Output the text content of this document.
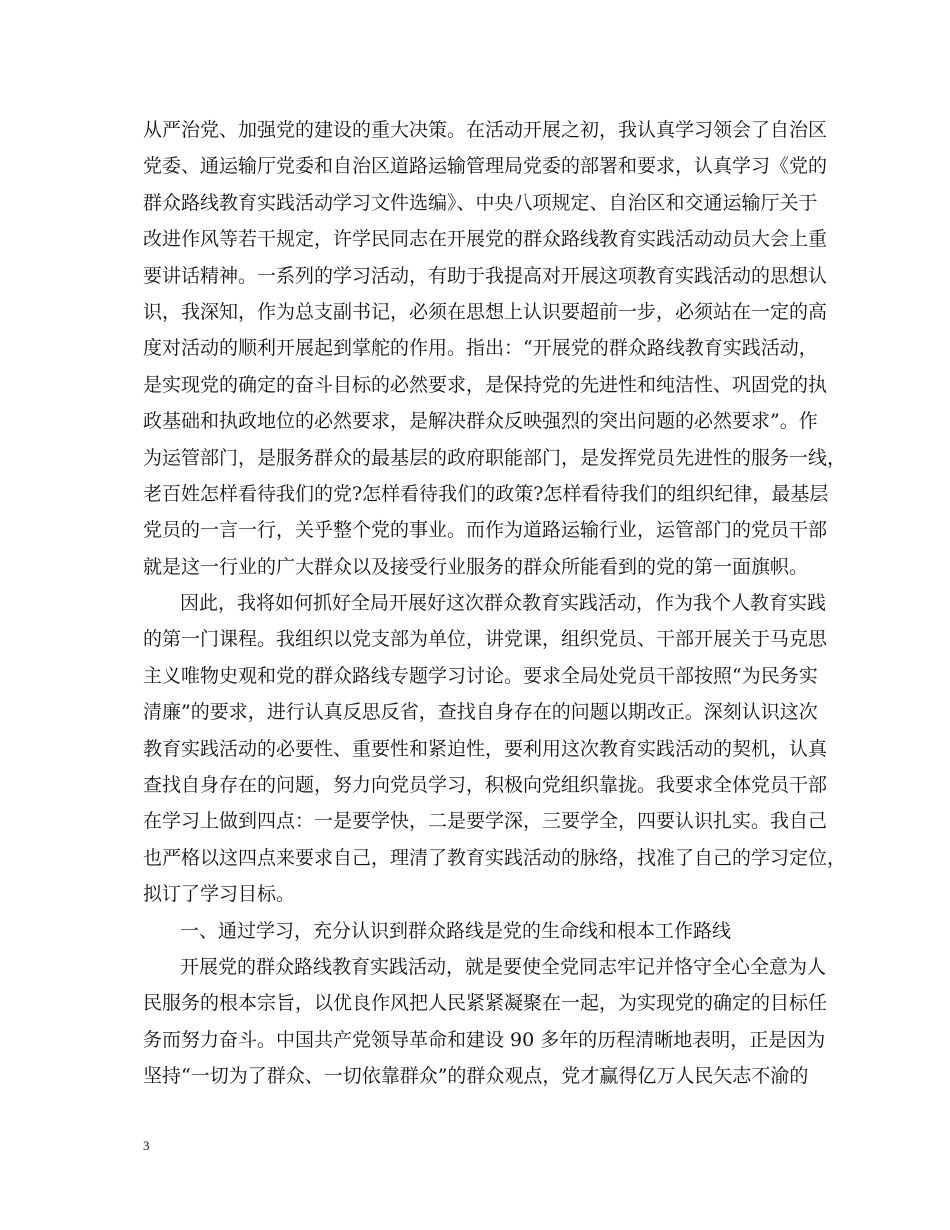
从严治党、加强党的建设的重大决策。在活动开展之初，我认真学习领会了自治区
党委、通运输厅党委和自治区道路运输管理局党委的部署和要求，认真学习《党的
群众路线教育实践活动学习文件选编》、中央八项规定、自治区和交通运输厅关于
改进作风等若干规定，许学民同志在开展党的群众路线教育实践活动动员大会上重
要讲话精神。一系列的学习活动，有助于我提高对开展这项教育实践活动的思想认
识，我深知，作为总支副书记，必须在思想上认识要超前一步，必须站在一定的高
度对活动的顺利开展起到掌舵的作用。指出：“开展党的群众路线教育实践活动，
是实现党的确定的奋斗目标的必然要求，是保持党的先进性和纯洁性、巩固党的执
政基础和执政地位的必然要求，是解决群众反映强烈的突出问题的必然要求”。作
为运管部门，是服务群众的最基层的政府职能部门，是发挥党员先进性的服务一线，
老百姓怎样看待我们的党?怎样看待我们的政策?怎样看待我们的组织纪律，最基层
党员的一言一行，关乎整个党的事业。而作为道路运输行业，运管部门的党员干部
就是这一行业的广大群众以及接受行业服务的群众所能看到的党的第一面旗帜。

因此，我将如何抓好全局开展好这次群众教育实践活动，作为我个人教育实践
的第一门课程。我组织以党支部为单位，讲党课，组织党员、干部开展关于马克思
主义唯物史观和党的群众路线专题学习讨论。要求全局处党员干部按照“为民务实
清廉”的要求，进行认真反思反省，查找自身存在的问题以期改正。深刻认识这次
教育实践活动的必要性、重要性和紧迫性，要利用这次教育实践活动的契机，认真
查找自身存在的问题，努力向党员学习，积极向党组织靠拢。我要求全体党员干部
在学习上做到四点：一是要学快，二是要学深，三要学全，四要认识扎实。我自己
也严格以这四点来要求自己，理清了教育实践活动的脉络，找准了自己的学习定位，
拟订了学习目标。

一、通过学习，充分认识到群众路线是党的生命线和根本工作路线

开展党的群众路线教育实践活动，就是要使全党同志牢记并恪守全心全意为人
民服务的根本宗旨，以优良作风把人民紧紧凝聚在一起，为实现党的确定的目标任
务而努力奋斗。中国共产党领导革命和建设 90 多年的历程清晰地表明，正是因为
坚持“一切为了群众、一切依靠群众”的群众观点，党才赢得亿万人民矢志不渝的

3
